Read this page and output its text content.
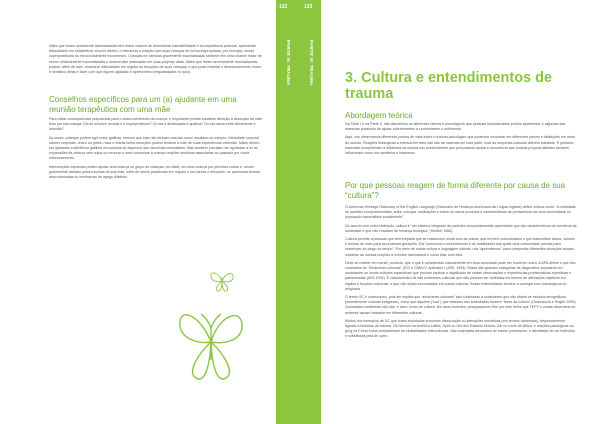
Mães que foram seriamente traumatizadas têm maior chance de demonstrar insensibilidade e incompetência parental, apresentar dificuldades em estabelecer vínculo afetivo, e estruturar a relação com suas crianças de forma inapropriada, por exemplo, sendo superprotetoras ou emocionalmente incoerentes. Crianças em famílias gravemente traumatizadas também têm uma chance maior de serem relativamente traumatizadas e desenvolver ansiedade em suas próprias vidas. Mães que foram severamente traumatizadas podem, além de tudo, encontrar dificuldades em regular as emoções de suas crianças, o que pode retardar o desenvolvimento motor e sensitivo delas e fazer com que fiquem agitadas e apresentem irregularidades no sono.

Conselhos específicos para um (a) ajudante em uma reunião terapêutica com uma mãe

Para evitar consequências prejudiciais para o desenvolvimento da criança, é importante prestar bastante atenção à descrição da mãe feita por sua criança. Ela se envolve demais e é superprotetora? Ou ela é distanciada e apática? Ou ela oscila entre ativamente e intrusão?

Às vezes, crianças podem agir como gatilhos, mesmo que elas não tenham nascido como resultado de estupro. Intimidade corporal, odores corporais, choro ou gritos, raiva e outras fortes emoções podem lembrar a mãe de suas experiências violentas. Mães devem ser ajudadas a identificar gatilhos emocionais de aspectos das memórias traumáticas. Mas também precisam ser ajudadas a ler as expressões da criança sem culpa ou remorso e sem comunicar à criança reações emotivas associadas ao passado por conta relacionamento.

Intervenções especiais podem ajudar uma criança ou grupo de crianças, ou mães, em uma criança por períodos curtos e, sendo gravemente afetado pelos traumas de sua mãe, sofre de sérios problemas em regular o seu stress e emoções, ou apresenta formas descontroladas ou excessivas de apego ditatório.

122
PARTE III: TRAUMA
123
PARTE III: TRAUMA 3. Cultura e entendimentos de trauma
Abordagem teórica

Na Parte I e na Parte II, não discutimos os diferentes fatores e psicológicos que pessoas traumatizadas podem apresentar, e algumas das maneiras possíveis de ajudar sobreviventes a confrontarem o sofrimento.

Aqui, nós observamos diferentes pontos de vista sobre o trauma psicológico que podemos encontrar em diferentes países e definições em redor do mundo. Reações fisiológicas a eventos terríveis não são as mesmas em toda parte, mas as respostas culturais diferem bastante. É portanto, essencial compreender a influência da cultura nos sobreviventes que procuramos ajudar e reconhecer que nossas próprias atitudes também influenciam como nos sentimos e lidaremos.

Por que pessoas reagem de forma diferente por causa de sua “cultura”?

O American Heritage Dictionary of the English Language (Dicionário de Herança Americana da Língua Inglesa) define cultura como: “A totalidade de padrões comportamentais, artes, crenças, instituições e todos os outros produtos e características de pensamento de uma comunidade ou população transmitidos socialmente”.

De acordo com outra definição, cultura é “um sistema integrado de padrões comportamentais aprendidos que são característicos de membros da sociedade e que não resultam de herança biológica” (Hoebel 1966).

Cultura permite a pessoas que têm empatia que se relacionem umas com as outras, que formem comunidades e que transmitam ideias, valores e formas de viver para as próximas gerações. Ela “comunica o conhecimento e as habilidades das quais uma comunidade precisa para sobreviver ao longo do tempo”. Por meio de nossa cultura e linguagem cultural, nós “aprendemos” como interpretar diferentes situações sociais, incluindo as nossas reações a eventos traumáticos e como lidar com eles.

Deve-se manter em mente, portanto, que o que é considerado casualmente em uma sociedade pode ser hostil em outra. A APA define o que são chamados de “Síndromes culturais” (ICD e DSM-IV, Apêndice I (APA, 1994). Essas são grandes categorias de diagnóstico populares em sociedades ou locais culturais específicas que provam explicar o significado de certas observações e experiências problemáticas repetitivas e patronizadas (APA 1994). É característico de tais síndromes culturais que não possam ser definidas em termos de alterações objetivas em órgãos e funções corporais, e que não sejam encontradas em outras culturas. Essas enfermidades tendem a carregar tons psicológicos ou religiosos.

O termo SC é controverso, pois ele implica que “síndromes culturais” são confinadas a sociedades que são objeto de estudos etnográficos (normalmente culturas indígenas), como que aqueles (“nós”) que estudam tais sociedades fossem “livres da cultura” (Guarnaccia e Rogler 2005). Sociedades ocidentais não são, é claro, livres de cultura. Em anos recentes, pesquisadores têm por este deles que TEPT e outras desordens de estresse variam bastante em diferentes culturas.

Muitos dos exemplos de SC que foram estudados envolvem dissociação ou alterações somáticas (em termos ocidentais), frequentemente ligadas à histórias de trauma. Os Nervios na América Latina, Spell ou Hot dos Estados Unidos, Zar no norte da África, e reações patológicas ao grog na China todos compartilham de similaridades interculturais. Nas chamadas desordens de transe possessivo, a identidade de um indivíduo é substituída pela de outro.
